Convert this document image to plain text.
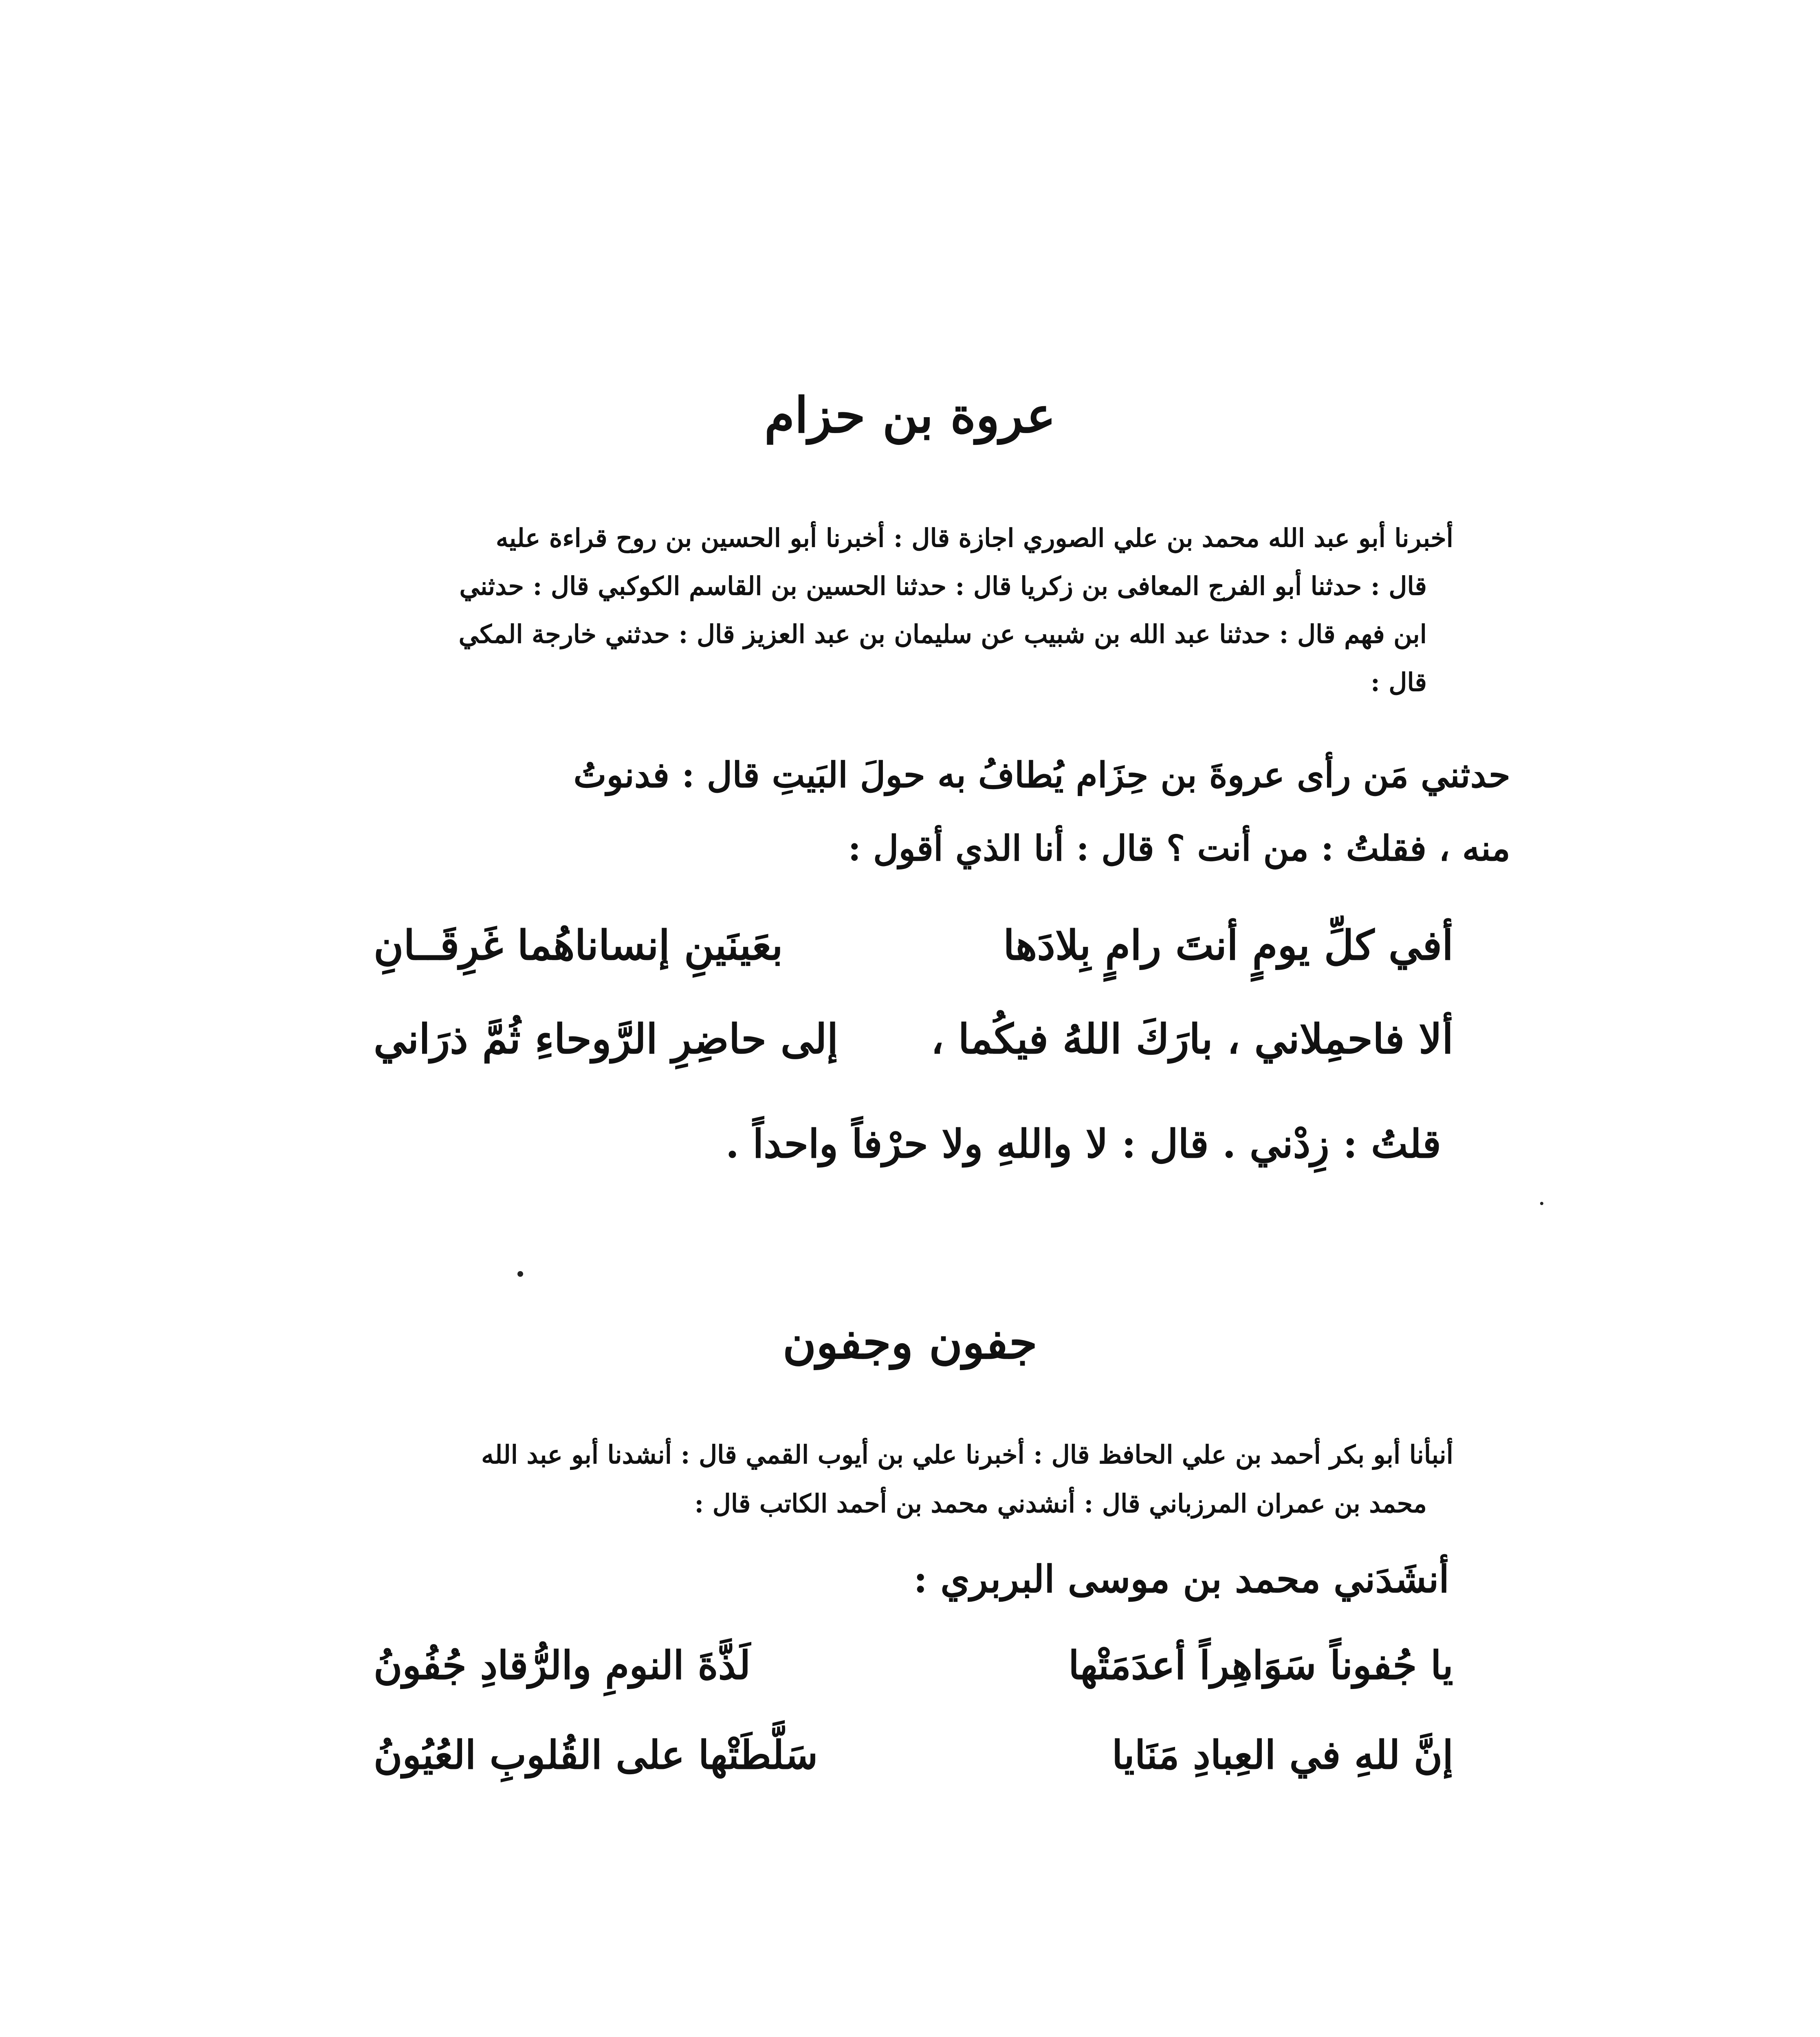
عروة بن حزام
أخبرنا أبو عبد الله محمد بن علي الصوري اجازة قال : أخبرنا أبو الحسين بن روح قراءة عليه
قال : حدثنا أبو الفرج المعافى بن زكريا قال : حدثنا الحسين بن القاسم الكوكبي قال : حدثني
ابن فهم قال : حدثنا عبد الله بن شبيب عن سليمان بن عبد العزيز قال : حدثني خارجة المكي
قال :
حدثني مَن رأى عروةَ بن حِزَام يُطافُ به حولَ البَيتِ قال : فدنوتُ
منه ، فقلتُ : من أنت ؟ قال : أنا الذي أقول :
أفي كلِّ يومٍ أنتَ رامٍ بِلادَها
بعَينَينِ إنساناهُما غَرِقَــانِ
ألا فاحمِلاني ، بارَكَ اللهُ فيكُما ،
إلى حاضِرِ الرَّوحاءِ ثُمَّ ذرَاني
قلتُ : زِدْني . قال : لا واللهِ ولا حرْفاً واحداً .
جفون وجفون
أنبأنا أبو بكر أحمد بن علي الحافظ قال : أخبرنا علي بن أيوب القمي قال : أنشدنا أبو عبد الله
محمد بن عمران المرزباني قال : أنشدني محمد بن أحمد الكاتب قال :
أنشَدَني محمد بن موسى البربري :
يا جُفوناً سَوَاهِراً أعدَمَتْها
لَذَّةَ النومِ والرُّقادِ جُفُونُ
إنَّ للهِ في العِبادِ مَنَايا
سَلَّطَتْها على القُلوبِ العُيُونُ
